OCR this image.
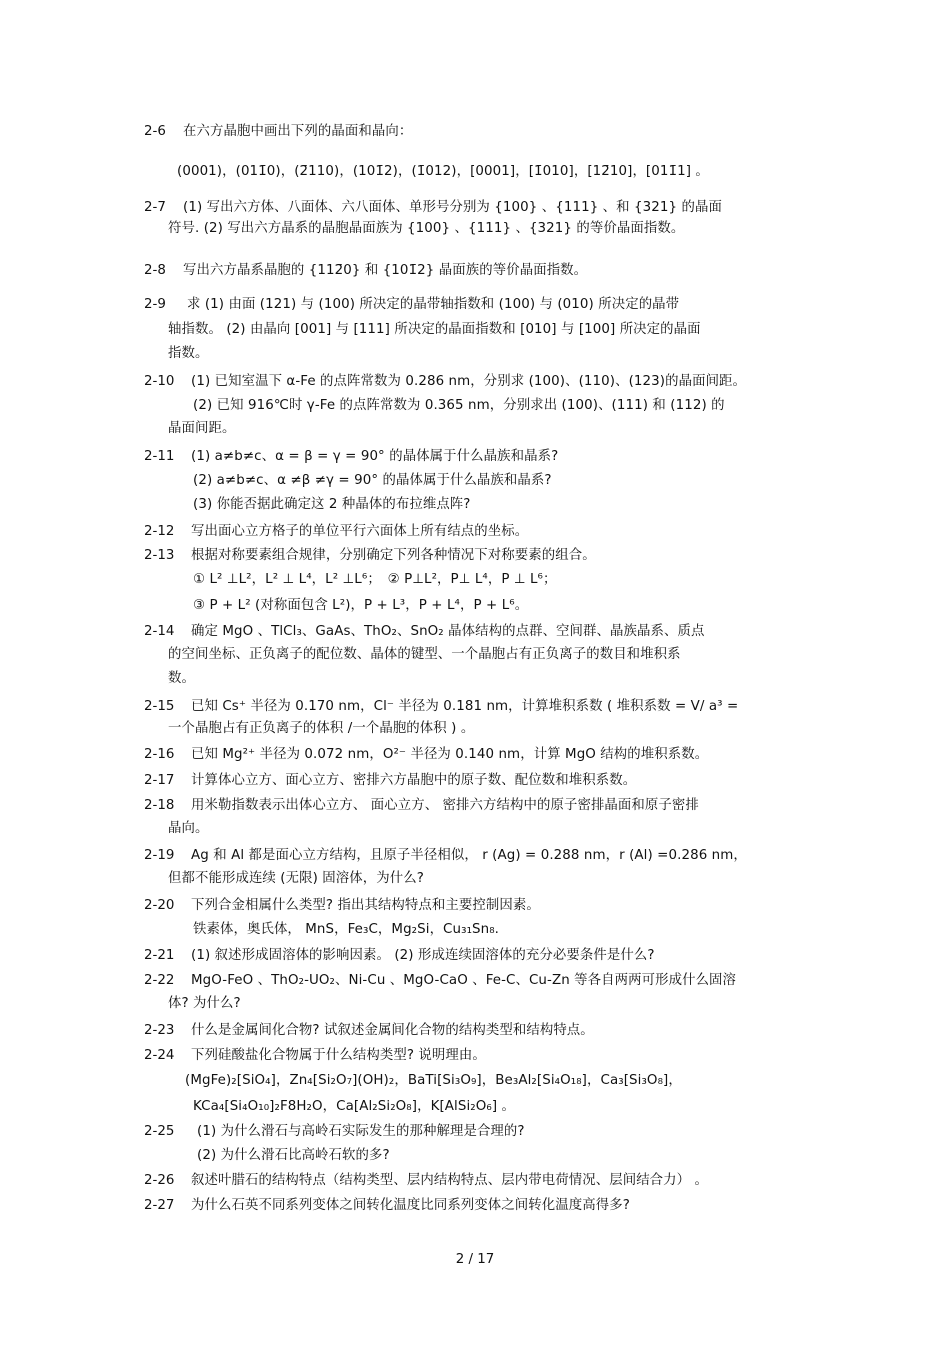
2-6 在六方晶胞中画出下列的晶面和晶向：
(0001)，(011̄0)，(2̄110)，(101̄2)，(1̄012)，[0001]，[1̄010]，[12̄10]，[011̄1] 。
2-7 (1) 写出六方体、八面体、六八面体、单形号分别为 {100} 、{111} 、和 {321} 的晶面
符号. (2) 写出六方晶系的晶胞晶面族为 {100} 、{111} 、{321} 的等价晶面指数。
2-8 写出六方晶系晶胞的 {112̄0} 和 {101̄2} 晶面族的等价晶面指数。
2-9 求 (1) 由面 (121) 与 (100) 所决定的晶带轴指数和 (100) 与 (010) 所决定的晶带
轴指数。 (2) 由晶向 [001] 与 [111] 所决定的晶面指数和 [010] 与 [100] 所决定的晶面
指数。
2-10 (1) 已知室温下 α-Fe 的点阵常数为 0.286 nm，分别求 (100)、(110)、(123)的晶面间距。
(2) 已知 916℃时 γ-Fe 的点阵常数为 0.365 nm，分别求出 (100)、(111) 和 (112) 的
晶面间距。
2-11 (1) a≠b≠c、α = β = γ = 90° 的晶体属于什么晶族和晶系?
(2) a≠b≠c、α ≠β ≠γ = 90° 的晶体属于什么晶族和晶系?
(3) 你能否据此确定这 2 种晶体的布拉维点阵?
2-12 写出面心立方格子的单位平行六面体上所有结点的坐标。
2-13 根据对称要素组合规律，分别确定下列各种情况下对称要素的组合。
① L² ⊥L²，L² ⊥ L⁴，L² ⊥L⁶；　② P⊥L²，P⊥ L⁴，P ⊥ L⁶；
③ P + L² (对称面包含 L²)，P + L³，P + L⁴，P + L⁶。
2-14 确定 MgO 、TlCl₃、GaAs、ThO₂、SnO₂ 晶体结构的点群、空间群、晶族晶系、质点
的空间坐标、正负离子的配位数、晶体的键型、一个晶胞占有正负离子的数目和堆积系
数。
2-15 已知 Cs⁺ 半径为 0.170 nm，Cl⁻ 半径为 0.181 nm，计算堆积系数 ( 堆积系数 = V/ a³ =
一个晶胞占有正负离子的体积 /一个晶胞的体积 ) 。
2-16 已知 Mg²⁺ 半径为 0.072 nm，O²⁻ 半径为 0.140 nm，计算 MgO 结构的堆积系数。
2-17 计算体心立方、面心立方、密排六方晶胞中的原子数、配位数和堆积系数。
2-18 用米勒指数表示出体心立方、 面心立方、 密排六方结构中的原子密排晶面和原子密排
晶向。
2-19 Ag 和 Al 都是面心立方结构，且原子半径相似， r (Ag) = 0.288 nm，r (Al) =0.286 nm，
但都不能形成连续 (无限) 固溶体，为什么?
2-20 下列合金相属什么类型? 指出其结构特点和主要控制因素。
铁素体，奥氏体， MnS，Fe₃C，Mg₂Si，Cu₃₁Sn₈.
2-21 (1) 叙述形成固溶体的影响因素。 (2) 形成连续固溶体的充分必要条件是什么?
2-22 MgO-FeO 、ThO₂-UO₂、Ni-Cu 、MgO-CaO 、Fe-C、Cu-Zn 等各自两两可形成什么固溶
体? 为什么?
2-23 什么是金属间化合物? 试叙述金属间化合物的结构类型和结构特点。
2-24 下列硅酸盐化合物属于什么结构类型? 说明理由。
(MgFe)₂[SiO₄]，Zn₄[Si₂O₇](OH)₂，BaTi[Si₃O₉]，Be₃Al₂[Si₄O₁₈]，Ca₃[Si₃O₈]，
KCa₄[Si₄O₁₀]₂F8H₂O，Ca[Al₂Si₂O₈]，K[AlSi₂O₆] 。
2-25 (1) 为什么滑石与高岭石实际发生的那种解理是合理的?
(2) 为什么滑石比高岭石软的多?
2-26 叙述叶腊石的结构特点（结构类型、层内结构特点、层内带电荷情况、层间结合力） 。
2-27 为什么石英不同系列变体之间转化温度比同系列变体之间转化温度高得多?
2 / 17
